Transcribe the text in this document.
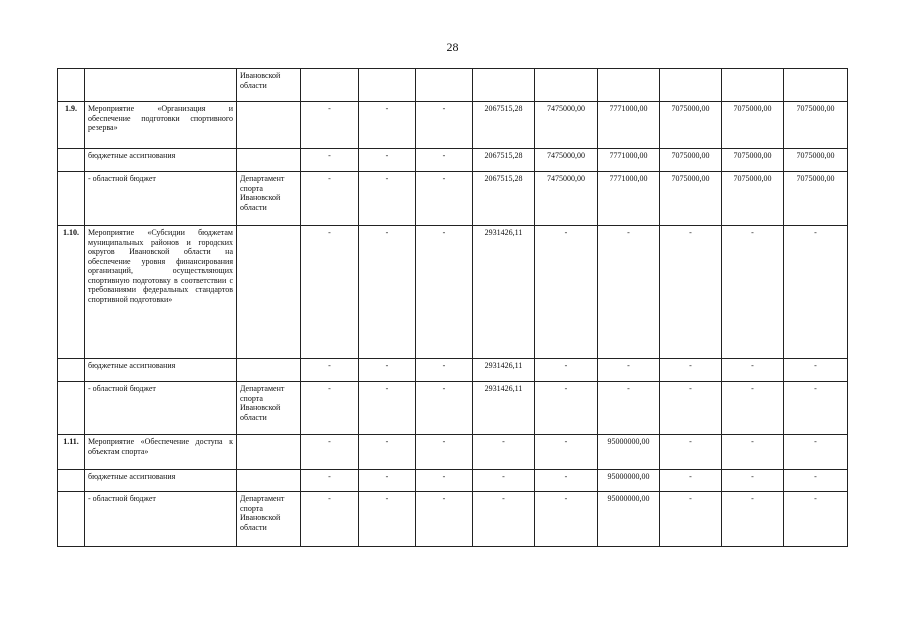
28
		Ивановской области									
1.9.	Мероприятие «Организация и обеспечение подготовки спортивного резерва»		-	-	-	2067515,28	7475000,00	7771000,00	7075000,00	7075000,00	7075000,00
	бюджетные ассигнования		-	-	-	2067515,28	7475000,00	7771000,00	7075000,00	7075000,00	7075000,00
	- областной бюджет	Департамент спорта Ивановской области	-	-	-	2067515,28	7475000,00	7771000,00	7075000,00	7075000,00	7075000,00
1.10.	Мероприятие «Субсидии бюджетам муниципальных районов и городских округов Ивановской области на обеспечение уровня финансирования организаций, осуществляющих спортивную подготовку в соответствии с требованиями федеральных стандартов спортивной подготовки»		-	-	-	2931426,11	-	-	-	-	-
	бюджетные ассигнования		-	-	-	2931426,11	-	-	-	-	-
	- областной бюджет	Департамент спорта Ивановской области	-	-	-	2931426,11	-	-	-	-	-
1.11.	Мероприятие «Обеспечение доступа к объектам спорта»		-	-	-	-	-	95000000,00	-	-	-
	бюджетные ассигнования		-	-	-	-	-	95000000,00	-	-	-
	- областной бюджет	Департамент спорта Ивановской области	-	-	-	-	-	95000000,00	-	-	-
